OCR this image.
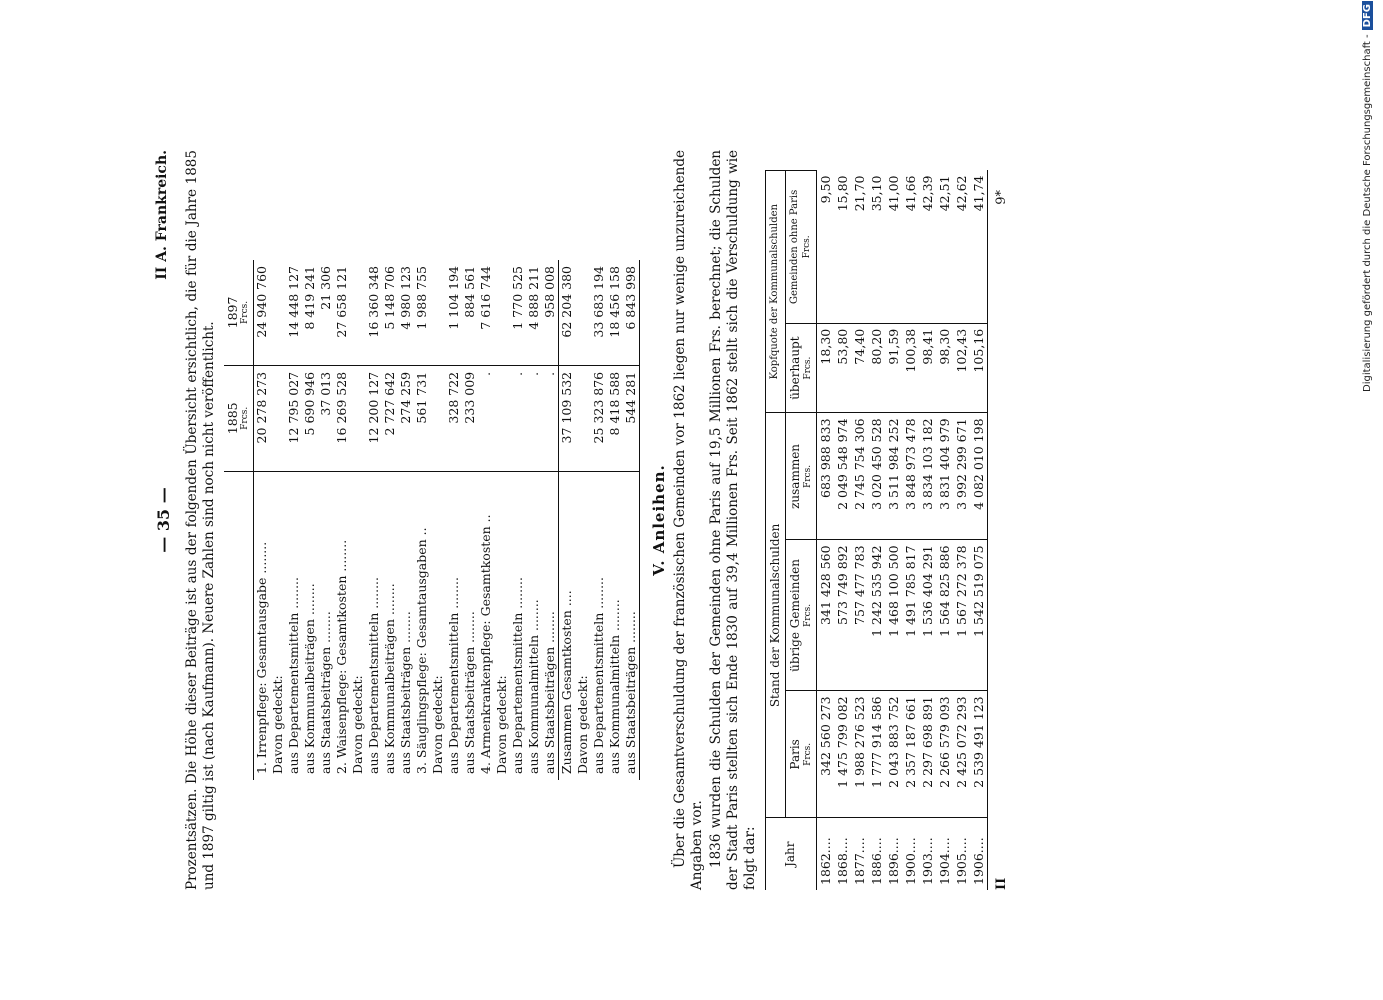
— 35 —
II A. Frankreich. Prozentsätzen. Die Höhe dieser Beiträge ist aus der folgenden Übersicht ersichtlich, die für die Jahre 1885 und 1897 giltig ist (nach Kaufmann). Neuere Zahlen sind noch nicht veröffentlicht.

	1885 Frcs.	1897 Frcs.

1. Irrenpflege: Gesamtausgabe ........	20 278 273	24 940 760
Davon gedeckt:		
aus Departementsmitteln ........	12 795 027	14 448 127
aus Kommunalbeiträgen ........	5 690 946	8 419 241
aus Staatsbeiträgen ........	37 013	21 306
2. Waisenpflege: Gesamtkosten ........	16 269 528	27 658 121
Davon gedeckt:		
aus Departementsmitteln ........	12 200 127	16 360 348
aus Kommunalbeiträgen ........	2 727 642	5 148 706
aus Staatsbeiträgen ........	274 259	4 980 123
3. Säuglingspflege: Gesamtausgaben ..	561 731	1 988 755
Davon gedeckt:		
aus Departementsmitteln ........	328 722	1 104 194
aus Staatsbeiträgen ........	233 009	884 561
4. Armenkrankenpflege: Gesamtkosten ..	.	7 616 744
Davon gedeckt:		
aus Departementsmitteln ........	.	1 770 525
aus Kommunalmitteln ........	.	4 888 211
aus Staatsbeiträgen ........	.	958 008
Zusammen Gesamtkosten ....	37 109 532	62 204 380
Davon gedeckt:		
aus Departementsmitteln ........	25 323 876	33 683 194
aus Kommunalmitteln ........	8 418 588	18 456 158
aus Staatsbeiträgen ........	544 281	6 843 998
V. Anleihen. Über die Gesamtverschuldung der französischen Gemeinden vor 1862 liegen nur wenige unzureichende Angaben vor. 1836 wurden die Schulden der Gemeinden ohne Paris auf 19,5 Millionen Frs. berechnet; die Schulden der Stadt Paris stellten sich Ende 1830 auf 39,4 Millionen Frs. Seit 1862 stellt sich die Verschuldung wie folgt dar: Jahr	Stand der Kommunalschulden			Kopfquote der Kommunalschulden	
	Paris Frcs.	übrige Gemeinden Frcs.	zusammen Frcs.	überhaupt Frcs.	Gemeinden ohne Paris Frcs.

1862....	342 560 273	341 428 560	683 988 833	18,30	9,50
1868....	1 475 799 082	573 749 892	2 049 548 974	53,80	15,80
1877....	1 988 276 523	757 477 783	2 745 754 306	74,40	21,70
1886....	1 777 914 586	1 242 535 942	3 020 450 528	80,20	35,10
1896....	2 043 883 752	1 468 100 500	3 511 984 252	91,59	41,00
1900....	2 357 187 661	1 491 785 817	3 848 973 478	100,38	41,66
1903....	2 297 698 891	1 536 404 291	3 834 103 182	98,41	42,39
1904....	2 266 579 093	1 564 825 886	3 831 404 979	98,30	42,51
1905....	2 425 072 293	1 567 272 378	3 992 299 671	102,43	42,62
1906....	2 539 491 123	1 542 519 075	4 082 010 198	105,16	41,74
II
9*	Digitalisierung gefördert durch die Deutsche Forschungsgemeinschaft -DFG
